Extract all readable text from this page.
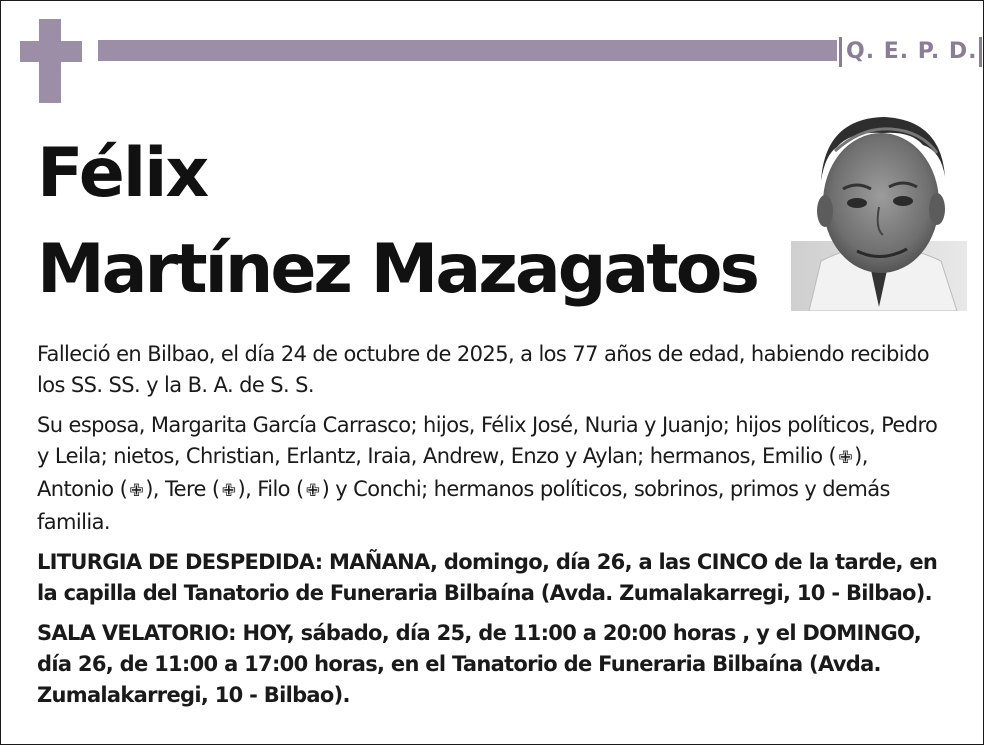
Q. E. P. D.
Félix
Martínez Mazagatos

Falleció en Bilbao, el día 24 de octubre de 2025, a los 77 años de edad, habiendo recibido los SS. SS. y la B. A. de S. S.

Su esposa, Margarita García Carrasco; hijos, Félix José, Nuria y Juanjo; hijos políticos, Pedro y Leila; nietos, Christian, Erlantz, Iraia, Andrew, Enzo y Aylan; hermanos, Emilio ( ✙ ), Antonio ( ✙ ), Tere ( ✙ ), Filo ( ✙ ) y Conchi; hermanos políticos, sobrinos, primos y demás familia.

LITURGIA DE DESPEDIDA: MAÑANA, domingo, día 26, a las CINCO de la tarde, en la capilla del Tanatorio de Funeraria Bilbaína (Avda. Zumalakarregi, 10 - Bilbao).

SALA VELATORIO: HOY, sábado, día 25, de 11:00 a 20:00 horas , y el DOMINGO, día 26, de 11:00 a 17:00 horas, en el Tanatorio de Funeraria Bilbaína (Avda. Zumalakarregi, 10 - Bilbao).
